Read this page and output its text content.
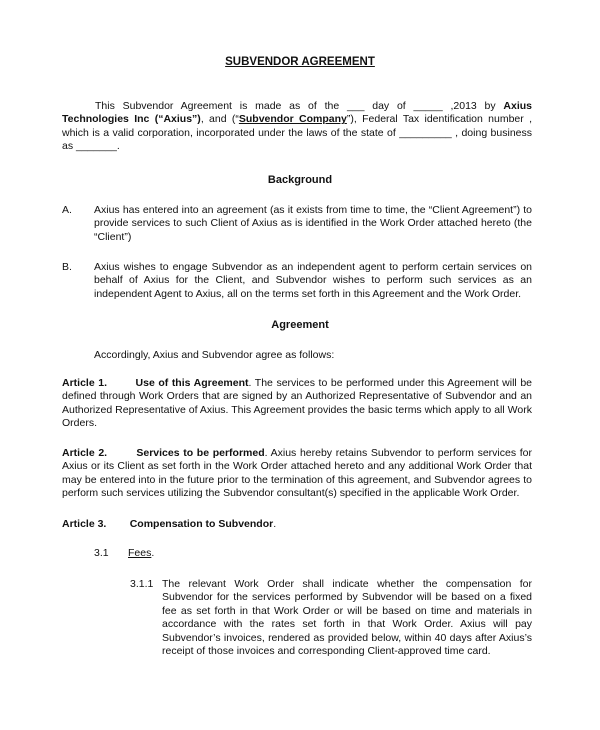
SUBVENDOR AGREEMENT
This Subvendor Agreement is made as of the ___ day of _____ ,2013 by Axius Technologies Inc (“Axius”), and (“Subvendor Company”), Federal Tax identification number , which is a valid corporation, incorporated under the laws of the state of _________ , doing business as _______.
Background
A. Axius has entered into an agreement (as it exists from time to time, the “Client Agreement”) to provide services to such Client of Axius as is identified in the Work Order attached hereto (the “Client”)
B. Axius wishes to engage Subvendor as an independent agent to perform certain services on behalf of Axius for the Client, and Subvendor wishes to perform such services as an independent Agent to Axius, all on the terms set forth in this Agreement and the Work Order.
Agreement
Accordingly, Axius and Subvendor agree as follows:
Article 1.	Use of this Agreement. The services to be performed under this Agreement will be defined through Work Orders that are signed by an Authorized Representative of Subvendor and an Authorized Representative of Axius. This Agreement provides the basic terms which apply to all Work Orders.
Article 2.	Services to be performed. Axius hereby retains Subvendor to perform services for Axius or its Client as set forth in the Work Order attached hereto and any additional Work Order that may be entered into in the future prior to the termination of this agreement, and Subvendor agrees to perform such services utilizing the Subvendor consultant(s) specified in the applicable Work Order.
Article 3. Compensation to Subvendor.
3.1 Fees.
3.1.1 The relevant Work Order shall indicate whether the compensation for Subvendor for the services performed by Subvendor will be based on a fixed fee as set forth in that Work Order or will be based on time and materials in accordance with the rates set forth in that Work Order. Axius will pay Subvendor’s invoices, rendered as provided below, within 40 days after Axius’s receipt of those invoices and corresponding Client-approved time card.
